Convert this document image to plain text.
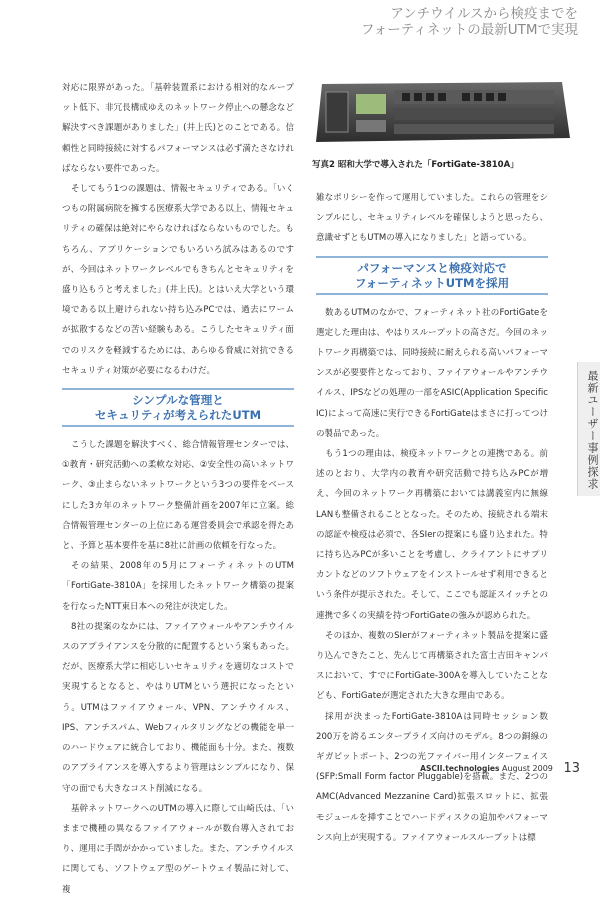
アンチウイルスから検疫までを
フォーティネットの最新UTMで実現

対応に限界があった。「基幹装置系における相対的なループット低下、非冗長構成ゆえのネットワーク停止への懸念など解決すべき課題がありました」(井上氏)とのことである。信頼性と同時接続に対するパフォーマンスは必ず満たさなければならない要件であった。

そしてもう1つの課題は、情報セキュリティである。「いくつもの附属病院を擁する医療系大学である以上、情報セキュリティの確保は絶対にやらなければならないものでした。もちろん、アプリケーションでもいろいろ試みはあるのですが、今回はネットワークレベルでもきちんとセキュリティを盛り込もうと考えました」(井上氏)。とはいえ大学という環境である以上避けられない持ち込みPCでは、過去にワームが拡散するなどの苦い経験もある。こうしたセキュリティ面でのリスクを軽減するためには、あらゆる脅威に対抗できるセキュリティ対策が必要になるわけだ。

シンプルな管理と
セキュリティが考えられたUTM

こうした課題を解決すべく、総合情報管理センターでは、①教育・研究活動への柔軟な対応、②安全性の高いネットワーク、③止まらないネットワークという3つの要件をベースにした3カ年のネットワーク整備計画を2007年に立案。総合情報管理センターの上位にある運営委員会で承認を得たあと、予算と基本要件を基に8社に計画の依頼を行なった。

その結果、2008年の5月にフォーティネットのUTM「FortiGate-3810A」を採用したネットワーク構築の提案を行なったNTT東日本への発注が決定した。

8社の提案のなかには、ファイアウォールやアンチウイルスのアプライアンスを分散的に配置するという案もあった。だが、医療系大学に相応しいセキュリティを適切なコストで実現するとなると、やはりUTMという選択になったという。UTMはファイアウォール、VPN、アンチウイルス、IPS、アンチスパム、Webフィルタリングなどの機能を単一のハードウェアに統合しており、機能面も十分。また、複数のアプライアンスを導入するより管理はシンプルになり、保守の面でも大きなコスト削減になる。

基幹ネットワークへのUTMの導入に際して山崎氏は、「いままで機種の異なるファイアウォールが数台導入されており、運用に手間がかかっていました。また、アンチウイルスに関しても、ソフトウェア型のゲートウェイ製品に対して、複

写真2 昭和大学で導入された「FortiGate-3810A」

雑なポリシーを作って運用していました。これらの管理をシンプルにし、セキュリティレベルを確保しようと思ったら、意識せずともUTMの導入になりました」と語っている。

パフォーマンスと検疫対応で
フォーティネットUTMを採用

数あるUTMのなかで、フォーティネット社のFortiGateを選定した理由は、やはりスループットの高さだ。今回のネットワーク再構築では、同時接続に耐えられる高いパフォーマンスが必要要件となっており、ファイアウォールやアンチウイルス、IPSなどの処理の一部をASIC(Application Specific IC)によって高速に実行できるFortiGateはまさに打ってつけの製品であった。

もう1つの理由は、検疫ネットワークとの連携である。前述のとおり、大学内の教育や研究活動で持ち込みPCが増え、今回のネットワーク再構築においては講義室内に無線LANも整備されることとなった。そのため、接続される端末の認証や検疫は必須で、各SIerの提案にも盛り込まれた。特に持ち込みPCが多いことを考慮し、クライアントにサプリカントなどのソフトウェアをインストールせず利用できるという条件が提示された。そして、ここでも認証スイッチとの連携で多くの実績を持つFortiGateの強みが認められた。

そのほか、複数のSIerがフォーティネット製品を提案に盛り込んできたこと、先んじて再構築された富士吉田キャンパスにおいて、すでにFortiGate-300Aを導入していたことなども、FortiGateが選定された大きな理由である。

採用が決まったFortiGate-3810Aは同時セッション数200万を誇るエンタープライズ向けのモデル。8つの銅線のギガビットポート、2つの光ファイバー用インターフェイス(SFP:Small Form factor Pluggable)を搭載。また、2つのAMC(Advanced Mezzanine Card)拡張スロットに、拡張モジュールを挿すことでハードディスクの追加やパフォーマンス向上が実現する。ファイアウォールスループットは標

最新ユーザー事例探求
ASCII.technologies August 2009 13
